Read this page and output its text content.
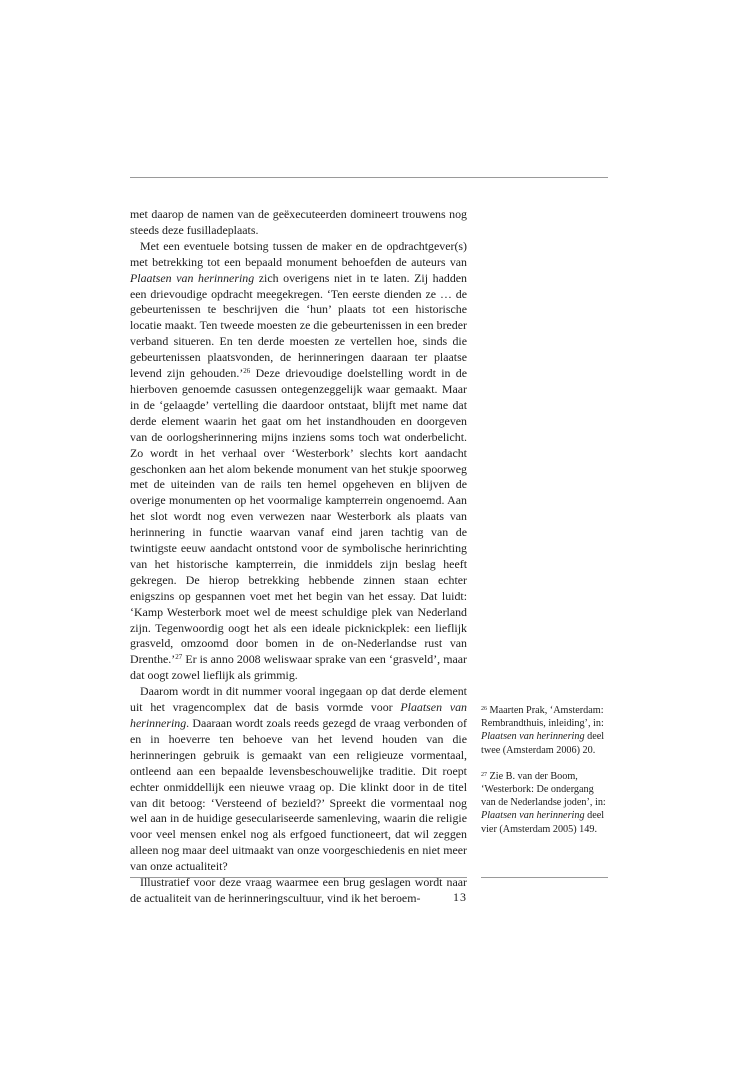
met daarop de namen van de geëxecuteerden domineert trouwens nog steeds deze fusilladeplaats.

Met een eventuele botsing tussen de maker en de opdrachtgever(s) met betrekking tot een bepaald monument behoefden de auteurs van Plaatsen van herinnering zich overigens niet in te laten. Zij hadden een drievoudige opdracht meegekregen. ‘Ten eerste dienden ze … de gebeurtenissen te beschrijven die ‘hun’ plaats tot een historische locatie maakt. Ten tweede moesten ze die gebeurtenissen in een breder verband situeren. En ten derde moesten ze vertellen hoe, sinds die gebeurtenissen plaatsvonden, de herinneringen daaraan ter plaatse levend zijn gehouden.’$^{26}$ Deze drievoudige doelstelling wordt in de hierboven genoemde casussen ontegenzeggelijk waar gemaakt. Maar in de ‘gelaagde’ vertelling die daardoor ontstaat, blijft met name dat derde element waarin het gaat om het instandhouden en doorgeven van de oorlogsherinnering mijns inziens soms toch wat onderbelicht. Zo wordt in het verhaal over ‘Westerbork’ slechts kort aandacht geschonken aan het alom bekende monument van het stukje spoorweg met de uiteinden van de rails ten hemel opgeheven en blijven de overige monumenten op het voormalige kampterrein ongenoemd. Aan het slot wordt nog even verwezen naar Westerbork als plaats van herinnering in functie waarvan vanaf eind jaren tachtig van de twintigste eeuw aandacht ontstond voor de symbolische herinrichting van het historische kampterrein, die inmiddels zijn beslag heeft gekregen. De hierop betrekking hebbende zinnen staan echter enigszins op gespannen voet met het begin van het essay. Dat luidt: ‘Kamp Westerbork moet wel de meest schuldige plek van Nederland zijn. Tegenwoordig oogt het als een ideale picknickplek: een lieflijk grasveld, omzoomd door bomen in de on-Nederlandse rust van Drenthe.’$^{27}$ Er is anno 2008 weliswaar sprake van een ‘grasveld’, maar dat oogt zowel lieflijk als grimmig.

Daarom wordt in dit nummer vooral ingegaan op dat derde element uit het vragencomplex dat de basis vormde voor Plaatsen van herinnering. Daaraan wordt zoals reeds gezegd de vraag verbonden of en in hoeverre ten behoeve van het levend houden van die herinneringen gebruik is gemaakt van een religieuze vormentaal, ontleend aan een bepaalde levensbeschouwelijke traditie. Dit roept echter onmiddellijk een nieuwe vraag op. Die klinkt door in de titel van dit betoog: ‘Versteend of bezield?’ Spreekt die vormentaal nog wel aan in de huidige geseculariseerde samenleving, waarin die religie voor veel mensen enkel nog als erfgoed functioneert, dat wil zeggen alleen nog maar deel uitmaakt van onze voorgeschiedenis en niet meer van onze actualiteit?

Illustratief voor deze vraag waarmee een brug geslagen wordt naar de actualiteit van de herinneringscultuur, vind ik het beroem-

$^{26}$ Maarten Prak, ‘Amsterdam: Rembrandthuis, inleiding’, in: Plaatsen van herinnering deel twee (Amsterdam 2006) 20.

$^{27}$ Zie B. van der Boom, ‘Westerbork: De ondergang van de Nederlandse joden’, in: Plaatsen van herinnering deel vier (Amsterdam 2005) 149.

13
